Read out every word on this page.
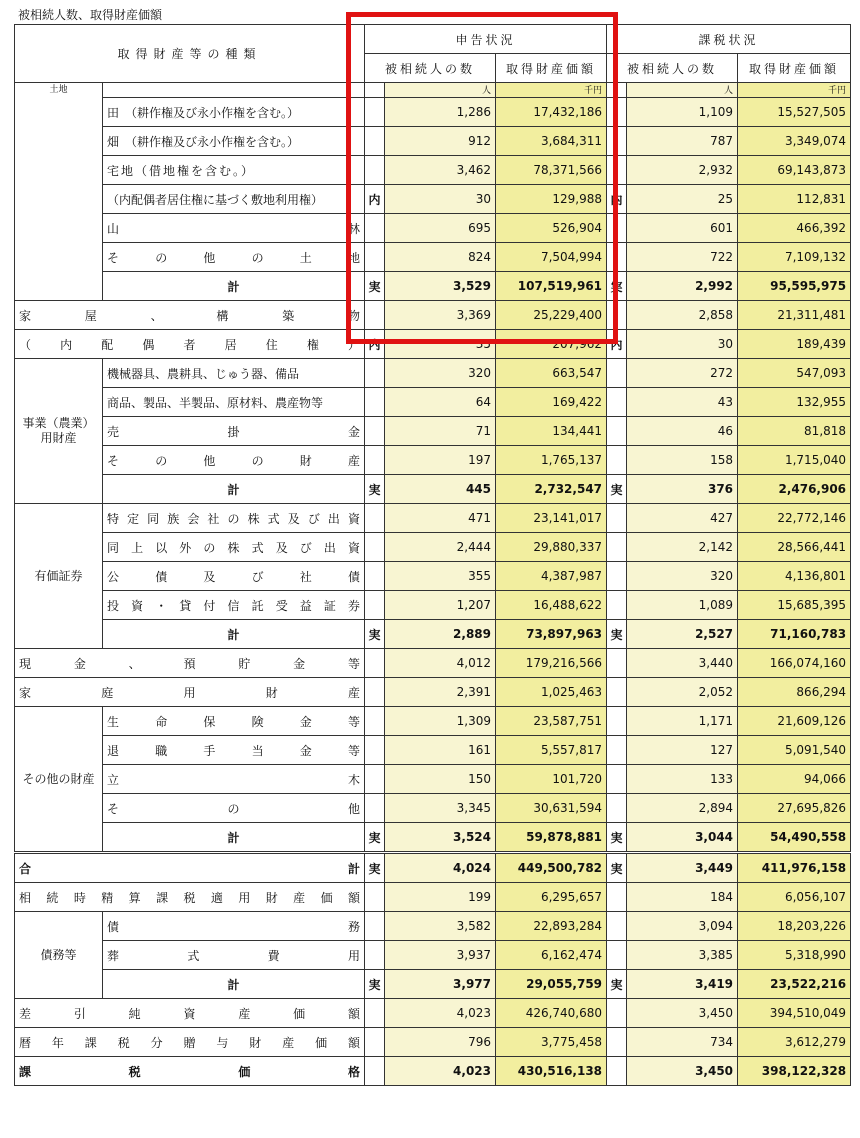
被相続人数、取得財産価額
取得財産等の種類		申告状況			課税状況		
		被相続人の数		取得財産価額	被相続人の数		取得財産価額
土地			人	千円		人	千円
	田　（耕作権及び永小作権を含む。）		1,286	17,432,186		1,109	15,527,505
	畑　（耕作権及び永小作権を含む。）		912	3,684,311		787	3,349,074
	宅地（借地権を含む。）		3,462	78,371,566		2,932	69,143,873
	（内配偶者居住権に基づく敷地利用権）	内	30	129,988	内	25	112,831
	山林		695	526,904		601	466,392
	その他の土地		824	7,504,994		722	7,109,132
	計	実	3,529	107,519,961	実	2,992	95,595,975
家屋、構築物			3,369	25,229,400		2,858	21,311,481
（内配偶者居住権）		内	35	207,962	内	30	189,439
事業（農業）用財産	機械器具、農耕具、じゅう器、備品		320	663,547		272	547,093
	商品、製品、半製品、原材料、農産物等		64	169,422		43	132,955
	売掛金		71	134,441		46	81,818
	その他の財産		197	1,765,137		158	1,715,040
	計	実	445	2,732,547	実	376	2,476,906
有価証券	特定同族会社の株式及び出資		471	23,141,017		427	22,772,146
	同上以外の株式及び出資		2,444	29,880,337		2,142	28,566,441
	公債及び社債		355	4,387,987		320	4,136,801
	投資・貸付信託受益証券		1,207	16,488,622		1,089	15,685,395
	計	実	2,889	73,897,963	実	2,527	71,160,783
現金、預貯金等			4,012	179,216,566		3,440	166,074,160
家庭用財産			2,391	1,025,463		2,052	866,294
その他の財産	生命保険金等		1,309	23,587,751		1,171	21,609,126
	退職手当金等		161	5,557,817		127	5,091,540
	立木		150	101,720		133	94,066
	その他		3,345	30,631,594		2,894	27,695,826
	計	実	3,524	59,878,881	実	3,044	54,490,558
合計		実	4,024	449,500,782	実	3,449	411,976,158
相続時精算課税適用財産価額			199	6,295,657		184	6,056,107
債務等	債務		3,582	22,893,284		3,094	18,203,226
	葬式費用		3,937	6,162,474		3,385	5,318,990
	計	実	3,977	29,055,759	実	3,419	23,522,216
差引純資産価額			4,023	426,740,680		3,450	394,510,049
暦年課税分贈与財産価額			796	3,775,458		734	3,612,279
課税価格			4,023	430,516,138		3,450	398,122,328
